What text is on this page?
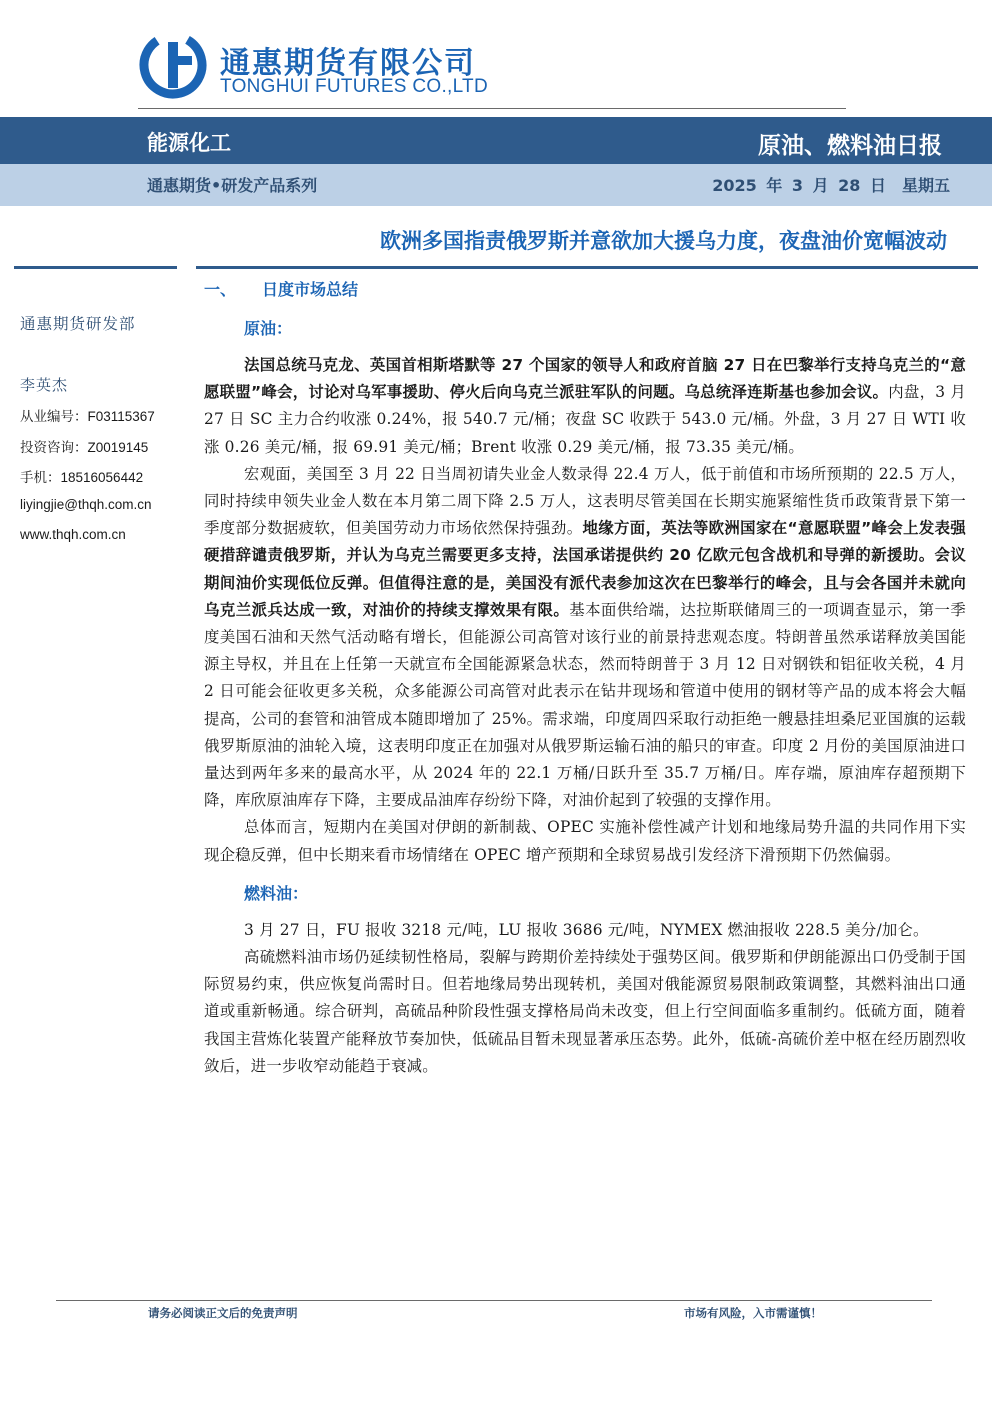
通惠期货有限公司
TONGHUI FUTURES CO.,LTD
能源化工	原油、燃料油日报
通惠期货•研发产品系列	2025 年 3 月 28 日　星期五
欧洲多国指责俄罗斯并意欲加大援乌力度，夜盘油价宽幅波动
通惠期货研发部
李英杰
从业编号：F03115367
投资咨询：Z0019145
手机：18516056442
liyingjie@thqh.com.cn
www.thqh.com.cn
一、 日度市场总结
原油：

法国总统马克龙、英国首相斯塔默等 27 个国家的领导人和政府首脑 27 日在巴黎举行支持乌克兰的“意愿联盟”峰会，讨论对乌军事援助、停火后向乌克兰派驻军队的问题。乌总统泽连斯基也参加会议。内盘，3 月 27 日 SC 主力合约收涨 0.24%，报 540.7 元/桶；夜盘 SC 收跌于 543.0 元/桶。外盘，3 月 27 日 WTI 收涨 0.26 美元/桶，报 69.91 美元/桶；Brent 收涨 0.29 美元/桶，报 73.35 美元/桶。

宏观面，美国至 3 月 22 日当周初请失业金人数录得 22.4 万人，低于前值和市场所预期的 22.5 万人，同时持续申领失业金人数在本月第二周下降 2.5 万人，这表明尽管美国在长期实施紧缩性货币政策背景下第一季度部分数据疲软，但美国劳动力市场依然保持强劲。地缘方面，英法等欧洲国家在“意愿联盟”峰会上发表强硬措辞谴责俄罗斯，并认为乌克兰需要更多支持，法国承诺提供约 20 亿欧元包含战机和导弹的新援助。会议期间油价实现低位反弹。但值得注意的是，美国没有派代表参加这次在巴黎举行的峰会，且与会各国并未就向乌克兰派兵达成一致，对油价的持续支撑效果有限。基本面供给端，达拉斯联储周三的一项调查显示，第一季度美国石油和天然气活动略有增长，但能源公司高管对该行业的前景持悲观态度。特朗普虽然承诺释放美国能源主导权，并且在上任第一天就宣布全国能源紧急状态，然而特朗普于 3 月 12 日对钢铁和铝征收关税，4 月 2 日可能会征收更多关税，众多能源公司高管对此表示在钻井现场和管道中使用的钢材等产品的成本将会大幅提高，公司的套管和油管成本随即增加了 25%。需求端，印度周四采取行动拒绝一艘悬挂坦桑尼亚国旗的运载俄罗斯原油的油轮入境，这表明印度正在加强对从俄罗斯运输石油的船只的审查。印度 2 月份的美国原油进口量达到两年多来的最高水平，从 2024 年的 22.1 万桶/日跃升至 35.7 万桶/日。库存端，原油库存超预期下降，库欣原油库存下降，主要成品油库存纷纷下降，对油价起到了较强的支撑作用。

总体而言，短期内在美国对伊朗的新制裁、OPEC 实施补偿性减产计划和地缘局势升温的共同作用下实现企稳反弹，但中长期来看市场情绪在 OPEC 增产预期和全球贸易战引发经济下滑预期下仍然偏弱。

燃料油：

3 月 27 日，FU 报收 3218 元/吨，LU 报收 3686 元/吨，NYMEX 燃油报收 228.5 美分/加仑。

高硫燃料油市场仍延续韧性格局，裂解与跨期价差持续处于强势区间。俄罗斯和伊朗能源出口仍受制于国际贸易约束，供应恢复尚需时日。但若地缘局势出现转机，美国对俄能源贸易限制政策调整，其燃料油出口通道或重新畅通。综合研判，高硫品种阶段性强支撑格局尚未改变，但上行空间面临多重制约。低硫方面，随着我国主营炼化装置产能释放节奏加快，低硫品目暂未现显著承压态势。此外，低硫-高硫价差中枢在经历剧烈收敛后，进一步收窄动能趋于衰减。

请务必阅读正文后的免责声明	市场有风险，入市需谨慎！
